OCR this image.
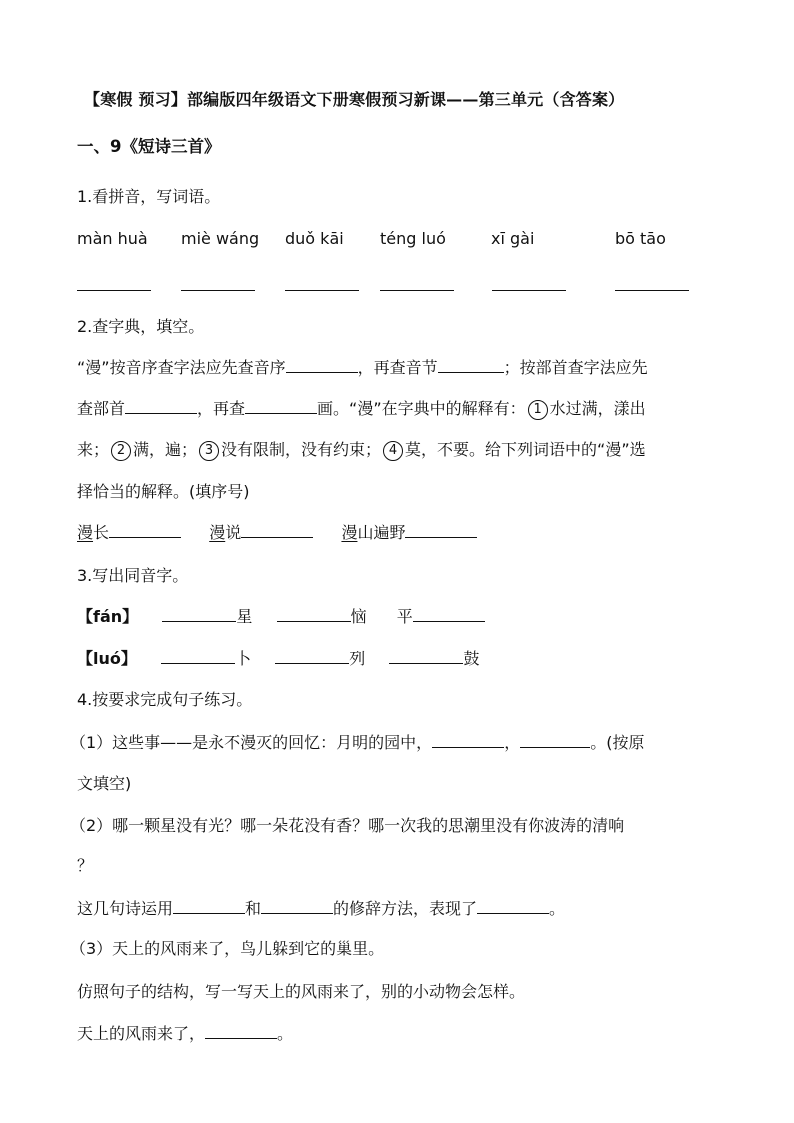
【寒假 预习】部编版四年级语文下册寒假预习新课——第三单元（含答案）
一、9《短诗三首》
1.看拼音，写词语。
màn huà miè wáng duǒ kāi téng luó	xī gài	bō tāo
2.查字典，填空。
“漫”按音序查字法应先查音序	，再查音节	；按部首查字法应先
查部首	，再查	画。“漫”在字典中的解释有： 1 水过满，漾出
来； 2 满，遍； 3 没有限制，没有约束； 4 莫，不要。给下列词语中的“漫”选
择恰当的解释。(填序号)
漫长	漫说	漫山遍野
3.写出同音字。
【fán】	星	恼 平
【luó】	卜	列	鼓
4.按要求完成句子练习。
（1）这些事——是永不漫灭的回忆：月明的园中，	，	。(按原
文填空)
（2）哪一颗星没有光？哪一朵花没有香？哪一次我的思潮里没有你波涛的清响
？
这几句诗运用	和	的修辞方法，表现了	。
（3）天上的风雨来了，鸟儿躲到它的巢里。
仿照句子的结构，写一写天上的风雨来了，别的小动物会怎样。
天上的风雨来了，	。
